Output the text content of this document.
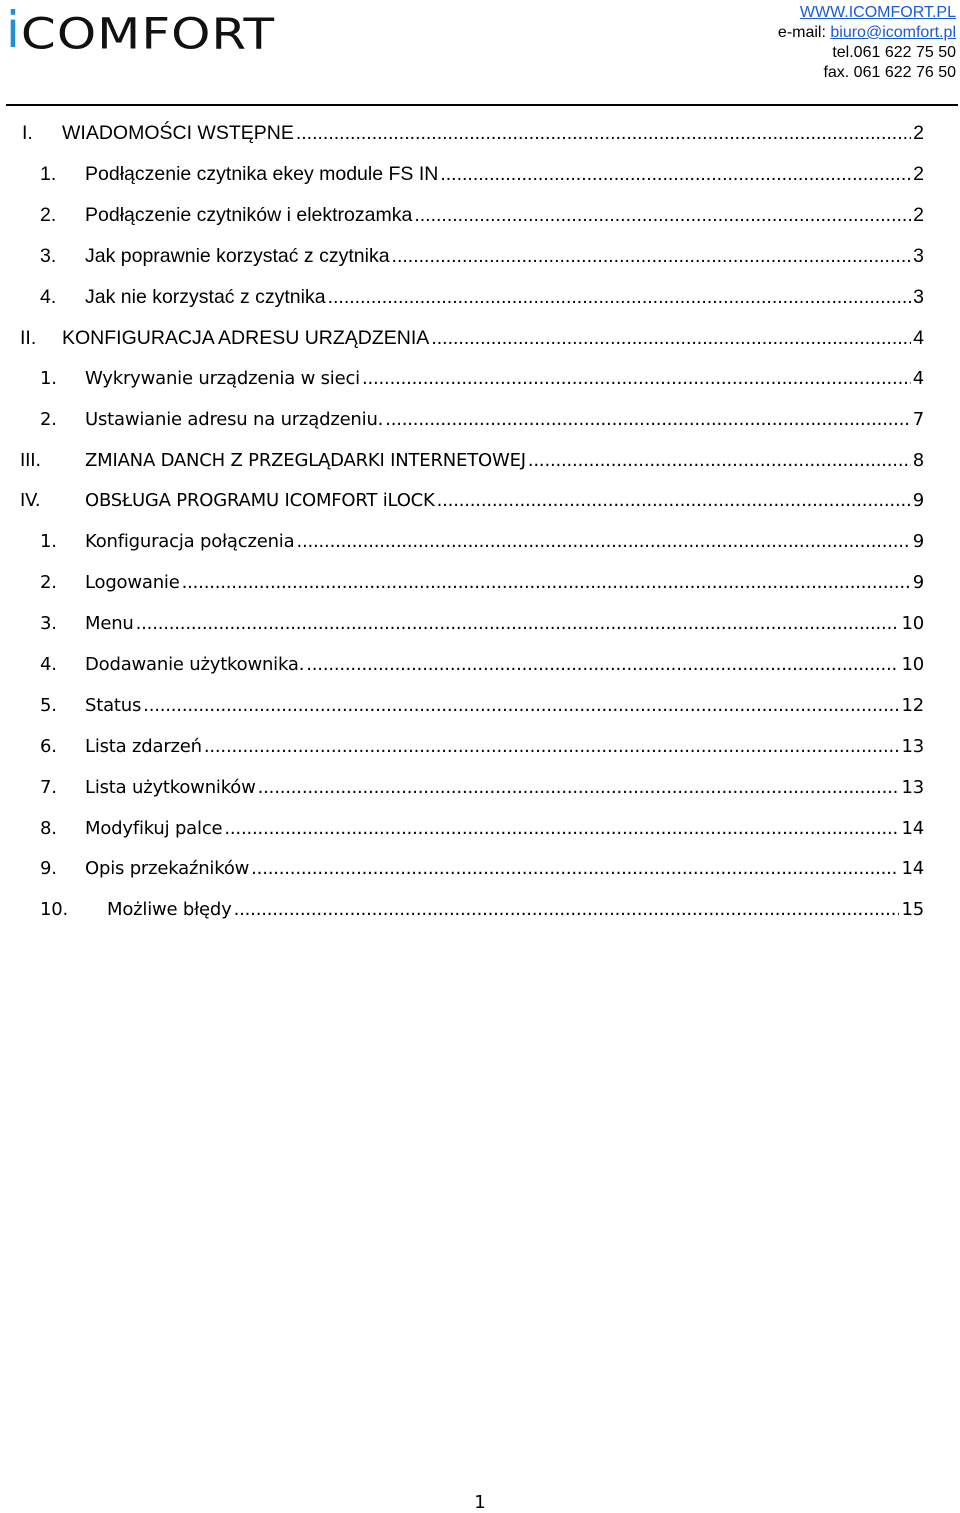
i COMFORT	WWW.ICOMFORT.PL
e-mail: biuro@icomfort.pl
tel.061 622 75 50
fax. 061 622 76 50
I. WIADOMOŚCI WSTĘPNE .....	2
1. Podłączenie czytnika ekey module FS IN .....	2
2. Podłączenie czytników i elektrozamka .....	2
3. Jak poprawnie korzystać z czytnika .....	3
4. Jak nie korzystać z czytnika .....	3
II. KONFIGURACJA ADRESU URZĄDZENIA .....	4
1. Wykrywanie urządzenia w sieci .....	4
2. Ustawianie adresu na urządzeniu. .....	7
III. ZMIANA DANCH Z PRZEGLĄDARKI INTERNETOWEJ .....	8
IV. OBSŁUGA PROGRAMU ICOMFORT iLOCK .....	9
1. Konfiguracja połączenia .....	9
2. Logowanie .....	9
3. Menu .....	10
4. Dodawanie użytkownika. .....	10
5. Status .....	12
6. Lista zdarzeń .....	13
7. Lista użytkowników .....	13
8. Modyfikuj palce .....	14
9. Opis przekaźników .....	14
10. Możliwe błędy .....	15
1
